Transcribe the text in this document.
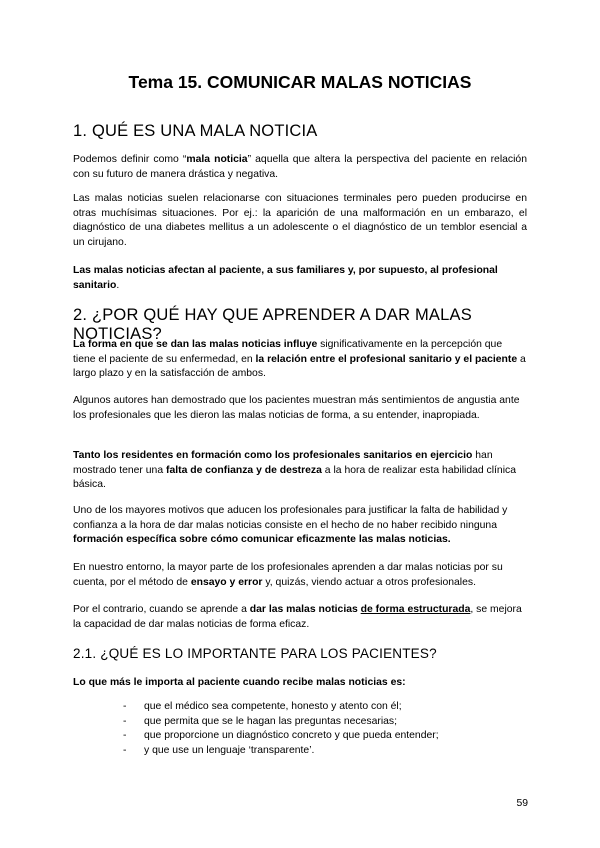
Tema 15. COMUNICAR MALAS NOTICIAS
1. QUÉ ES UNA MALA NOTICIA

Podemos definir como “mala noticia” aquella que altera la perspectiva del paciente en relación con su futuro de manera drástica y negativa.

Las malas noticias suelen relacionarse con situaciones terminales pero pueden producirse en otras muchísimas situaciones. Por ej.: la aparición de una malformación en un embarazo, el diagnóstico de una diabetes mellitus a un adolescente o el diagnóstico de un temblor esencial a un cirujano.

Las malas noticias afectan al paciente, a sus familiares y, por supuesto, al profesional sanitario.

2. ¿POR QUÉ HAY QUE APRENDER A DAR MALAS NOTICIAS?

La forma en que se dan las malas noticias influye significativamente en la percepción que tiene el paciente de su enfermedad, en la relación entre el profesional sanitario y el paciente a largo plazo y en la satisfacción de ambos.

Algunos autores han demostrado que los pacientes muestran más sentimientos de angustia ante los profesionales que les dieron las malas noticias de forma, a su entender, inapropiada.

Tanto los residentes en formación como los profesionales sanitarios en ejercicio han mostrado tener una falta de confianza y de destreza a la hora de realizar esta habilidad clínica básica.

Uno de los mayores motivos que aducen los profesionales para justificar la falta de habilidad y confianza a la hora de dar malas noticias consiste en el hecho de no haber recibido ninguna formación específica sobre cómo comunicar eficazmente las malas noticias.

En nuestro entorno, la mayor parte de los profesionales aprenden a dar malas noticias por su cuenta, por el método de ensayo y error y, quizás, viendo actuar a otros profesionales.

Por el contrario, cuando se aprende a dar las malas noticias de forma estructurada, se mejora la capacidad de dar malas noticias de forma eficaz.

2.1. ¿QUÉ ES LO IMPORTANTE PARA LOS PACIENTES?

Lo que más le importa al paciente cuando recibe malas noticias es:

- que el médico sea competente, honesto y atento con él;
- que permita que se le hagan las preguntas necesarias;
- que proporcione un diagnóstico concreto y que pueda entender;
- y que use un lenguaje ‘transparente’.
59
